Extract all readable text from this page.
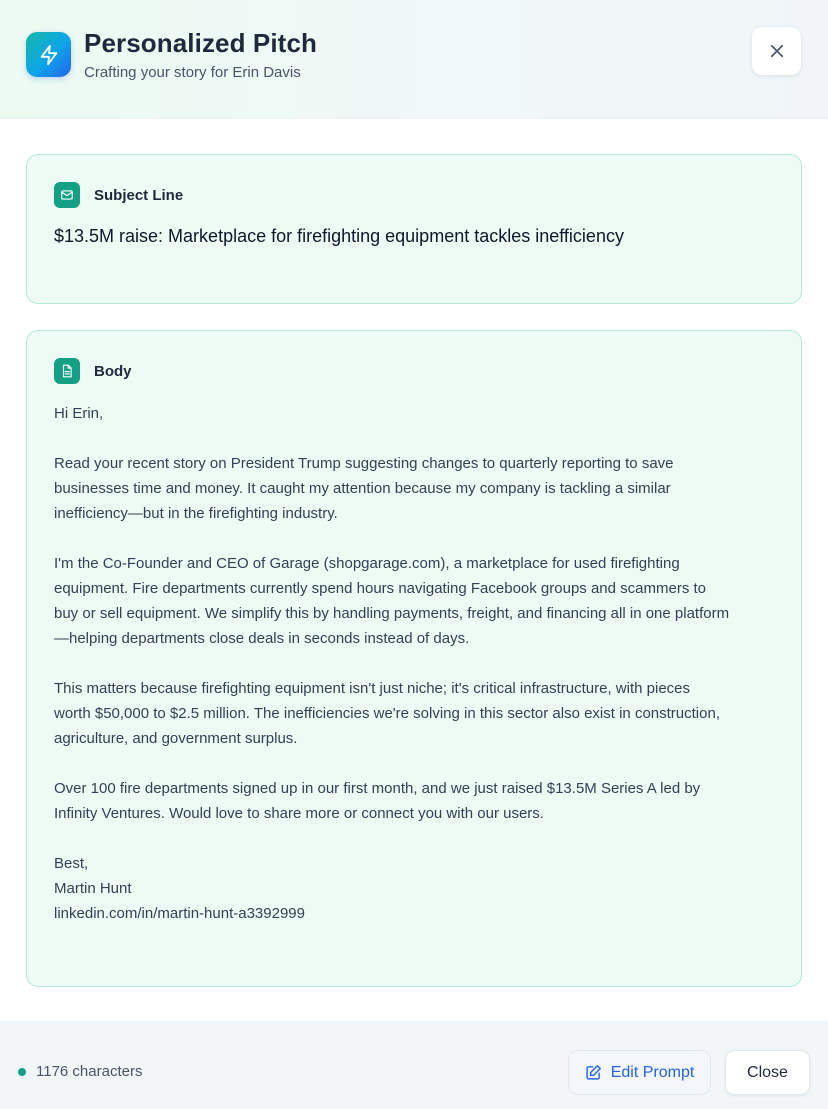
Personalized Pitch
Crafting your story for Erin Davis
Subject Line
$13.5M raise: Marketplace for firefighting equipment tackles inefficiency
Body

Hi Erin,

Read your recent story on President Trump suggesting changes to quarterly reporting to save
businesses time and money. It caught my attention because my company is tackling a similar
inefficiency—but in the firefighting industry.

I'm the Co-Founder and CEO of Garage (shopgarage.com), a marketplace for used firefighting
equipment. Fire departments currently spend hours navigating Facebook groups and scammers to
buy or sell equipment. We simplify this by handling payments, freight, and financing all in one platform
—helping departments close deals in seconds instead of days.

This matters because firefighting equipment isn't just niche; it's critical infrastructure, with pieces
worth $50,000 to $2.5 million. The inefficiencies we're solving in this sector also exist in construction,
agriculture, and government surplus.

Over 100 fire departments signed up in our first month, and we just raised $13.5M Series A led by
Infinity Ventures. Would love to share more or connect you with our users.

Best,
Martin Hunt
linkedin.com/in/martin-hunt-a3392999

1176 characters	Edit Prompt	Close
